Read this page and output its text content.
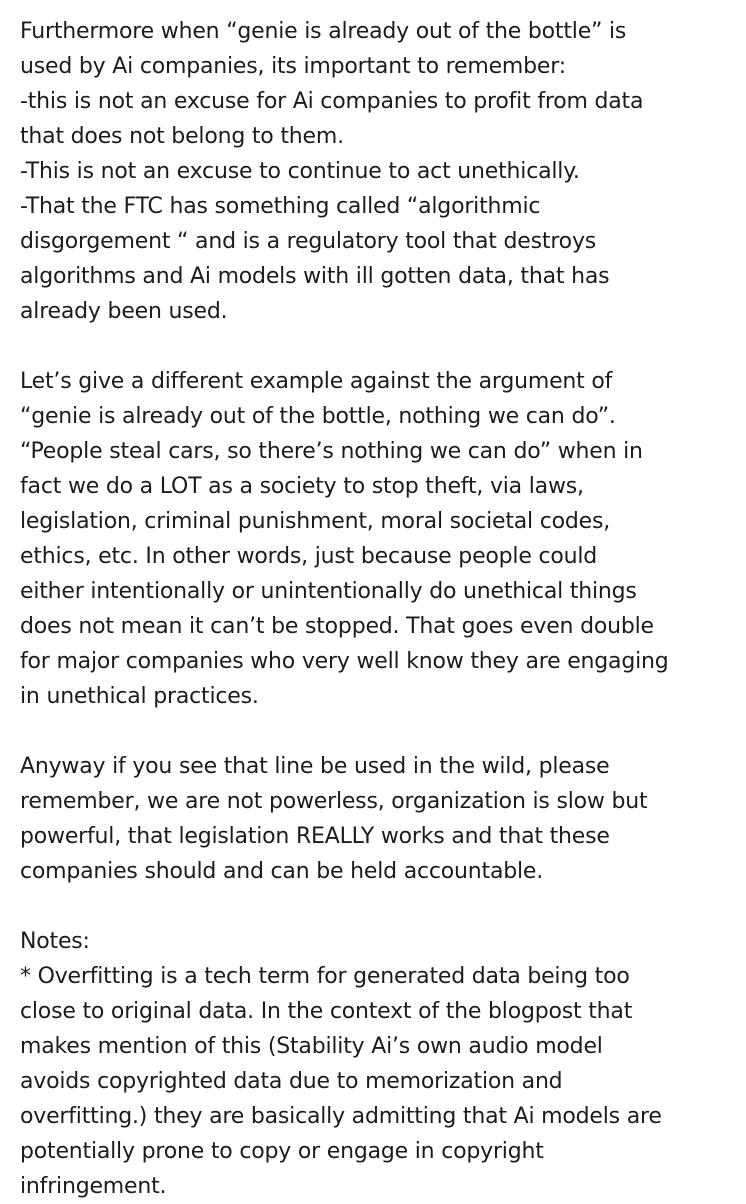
Furthermore when “genie is already out of the bottle” is
used by Ai companies, its important to remember:
-this is not an excuse for Ai companies to profit from data
that does not belong to them.
-This is not an excuse to continue to act unethically.
-That the FTC has something called “algorithmic
disgorgement “ and is a regulatory tool that destroys
algorithms and Ai models with ill gotten data, that has
already been used.
Let’s give a different example against the argument of
“genie is already out of the bottle, nothing we can do”.
“People steal cars, so there’s nothing we can do” when in
fact we do a LOT as a society to stop theft, via laws,
legislation, criminal punishment, moral societal codes,
ethics, etc. In other words, just because people could
either intentionally or unintentionally do unethical things
does not mean it can’t be stopped. That goes even double
for major companies who very well know they are engaging
in unethical practices.
Anyway if you see that line be used in the wild, please
remember, we are not powerless, organization is slow but
powerful, that legislation REALLY works and that these
companies should and can be held accountable.
Notes:
* Overfitting is a tech term for generated data being too
close to original data. In the context of the blogpost that
makes mention of this (Stability Ai’s own audio model
avoids copyrighted data due to memorization and
overfitting.) they are basically admitting that Ai models are
potentially prone to copy or engage in copyright
infringement.
